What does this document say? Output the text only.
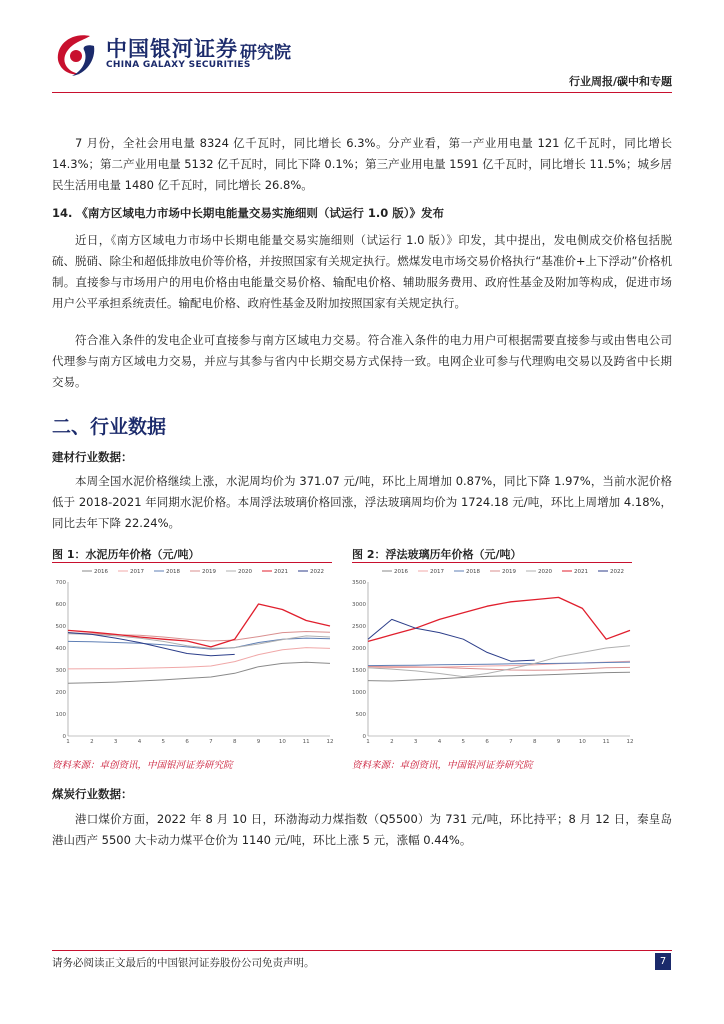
中国银河证券
CHINA GALAXY SECURITIES
研究院
行业周报/碳中和专题

7 月份，全社会用电量 8324 亿千瓦时，同比增长 6.3%。分产业看，第一产业用电量 121 亿千瓦时，同比增长 14.3%；第二产业用电量 5132 亿千瓦时，同比下降 0.1%；第三产业用电量 1591 亿千瓦时，同比增长 11.5%；城乡居民生活用电量 1480 亿千瓦时，同比增长 26.8%。

14. 《南方区域电力市场中长期电能量交易实施细则（试运行 1.0 版）》发布

近日，《南方区域电力市场中长期电能量交易实施细则（试运行 1.0 版）》印发，其中提出，发电侧成交价格包括脱硫、脱硝、除尘和超低排放电价等价格，并按照国家有关规定执行。燃煤发电市场交易价格执行“基准价+上下浮动”价格机制。直接参与市场用户的用电价格由电能量交易价格、输配电价格、辅助服务费用、政府性基金及附加等构成，促进市场用户公平承担系统责任。输配电价格、政府性基金及附加按照国家有关规定执行。

符合准入条件的发电企业可直接参与南方区域电力交易。符合准入条件的电力用户可根据需要直接参与或由售电公司代理参与南方区域电力交易，并应与其参与省内中长期交易方式保持一致。电网企业可参与代理购电交易以及跨省中长期交易。

二、行业数据
建材行业数据：

本周全国水泥价格继续上涨，水泥周均价为 371.07 元/吨，环比上周增加 0.87%，同比下降 1.97%，当前水泥价格低于 2018-2021 年同期水泥价格。本周浮法玻璃价格回涨，浮法玻璃周均价为 1724.18 元/吨，环比上周增加 4.18%，同比去年下降 22.24%。

图 1：水泥历年价格（元/吨）
0
100
200
300
400
500
600
700
1	2	3	4	5	6	7	8	9	10	11	12
2016	2017	2018	2019	2020	2021	2022
资料来源：卓创资讯，中国银河证券研究院
图 2：浮法玻璃历年价格（元/吨）
0
500
1000
1500
2000
2500
3000
3500
1	2	3	4	5	6	7	8	9	10	11	12
2016	2017	2018	2019	2020	2021	2022
资料来源：卓创资讯，中国银河证券研究院
煤炭行业数据：

港口煤价方面，2022 年 8 月 10 日，环渤海动力煤指数（Q5500）为 731 元/吨，环比持平；8 月 12 日，秦皇岛港山西产 5500 大卡动力煤平仓价为 1140 元/吨，环比上涨 5 元，涨幅 0.44%。

请务必阅读正文最后的中国银河证券股份公司免责声明。	7
